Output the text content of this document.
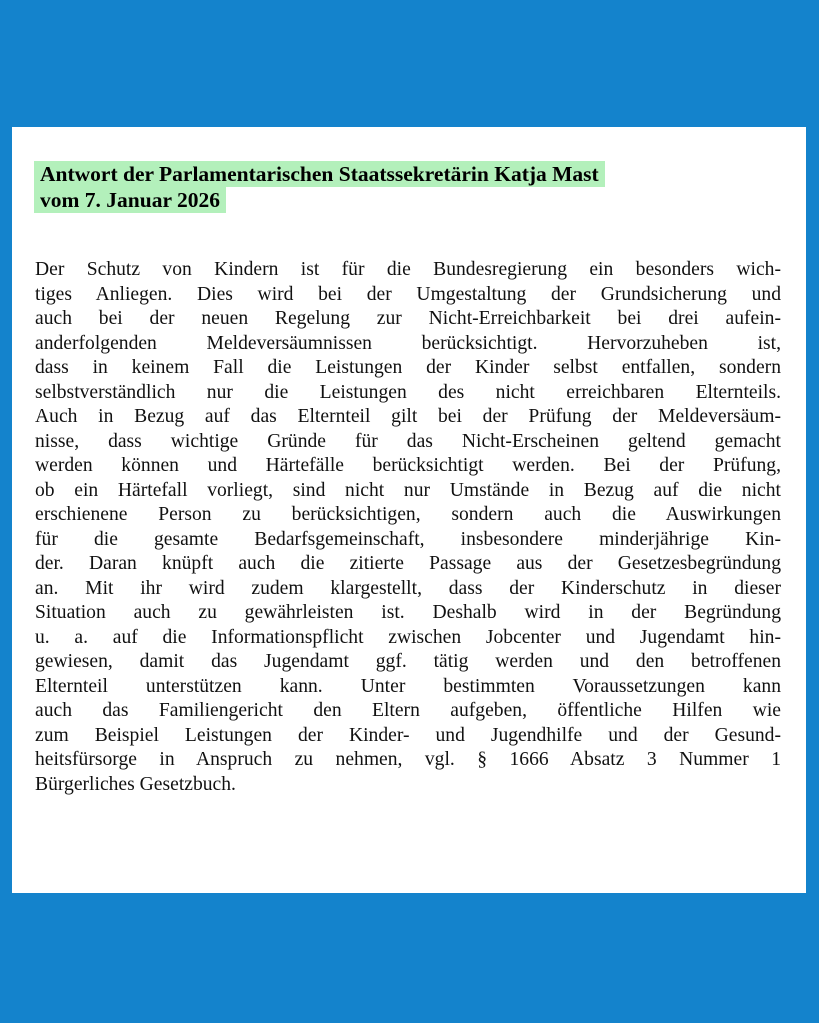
Antwort der Parlamentarischen Staatssekretärin Katja Mast
vom 7. Januar 2026
Der Schutz von Kindern ist für die Bundesregierung ein besonders wich-
tiges Anliegen. Dies wird bei der Umgestaltung der Grundsicherung und
auch bei der neuen Regelung zur Nicht-Erreichbarkeit bei drei aufein-
anderfolgenden Meldeversäumnissen berücksichtigt. Hervorzuheben ist,
dass in keinem Fall die Leistungen der Kinder selbst entfallen, sondern
selbstverständlich nur die Leistungen des nicht erreichbaren Elternteils.
Auch in Bezug auf das Elternteil gilt bei der Prüfung der Meldeversäum-
nisse, dass wichtige Gründe für das Nicht-Erscheinen geltend gemacht
werden können und Härtefälle berücksichtigt werden. Bei der Prüfung,
ob ein Härtefall vorliegt, sind nicht nur Umstände in Bezug auf die nicht
erschienene Person zu berücksichtigen, sondern auch die Auswirkungen
für die gesamte Bedarfsgemeinschaft, insbesondere minderjährige Kin-
der. Daran knüpft auch die zitierte Passage aus der Gesetzesbegründung
an. Mit ihr wird zudem klargestellt, dass der Kinderschutz in dieser
Situation auch zu gewährleisten ist. Deshalb wird in der Begründung
u. a. auf die Informationspflicht zwischen Jobcenter und Jugendamt hin-
gewiesen, damit das Jugendamt ggf. tätig werden und den betroffenen
Elternteil unterstützen kann. Unter bestimmten Voraussetzungen kann
auch das Familiengericht den Eltern aufgeben, öffentliche Hilfen wie
zum Beispiel Leistungen der Kinder- und Jugendhilfe und der Gesund-
heitsfürsorge in Anspruch zu nehmen, vgl. § 1666 Absatz 3 Nummer 1
Bürgerliches Gesetzbuch.
